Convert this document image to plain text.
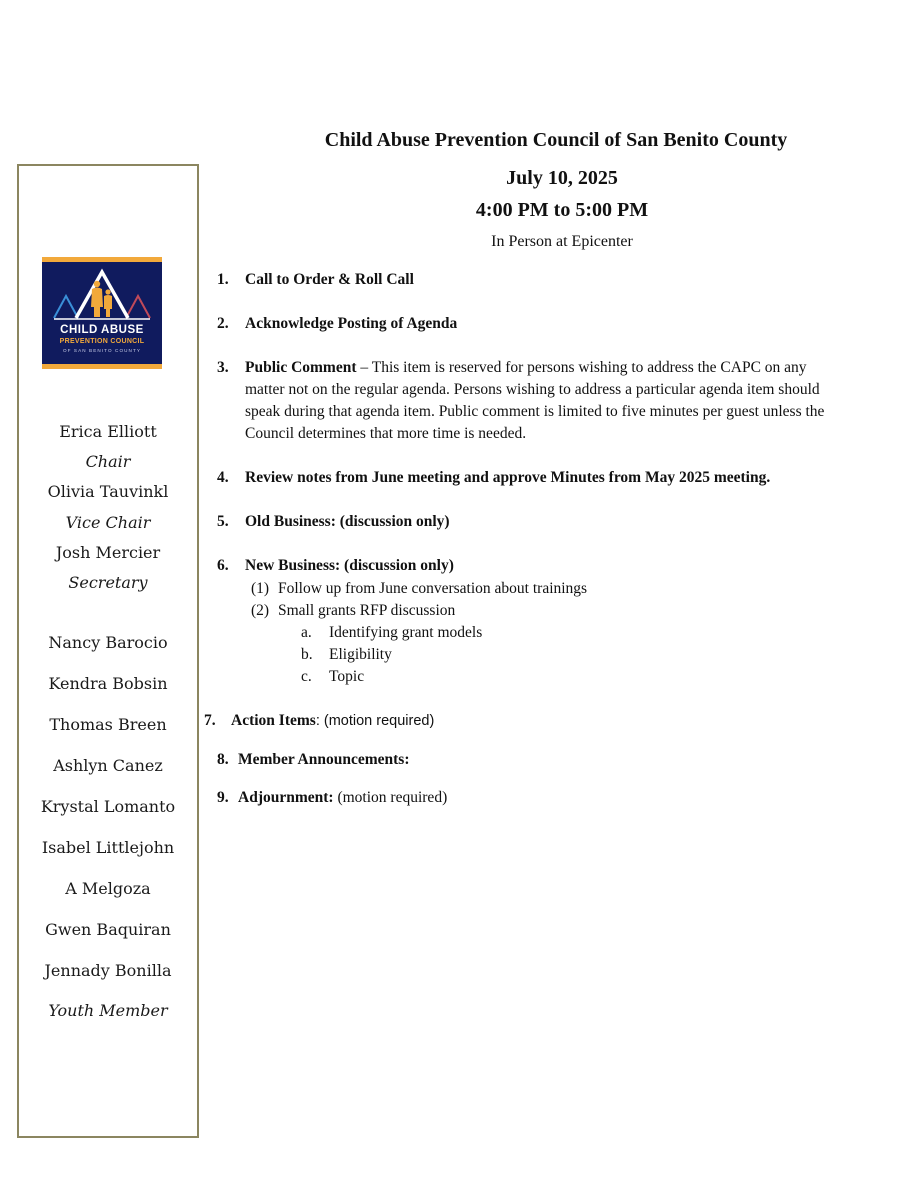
CHILD ABUSE
PREVENTION COUNCIL
OF SAN BENITO COUNTY
Erica Elliott
Chair
Olivia Tauvinkl
Vice Chair
Josh Mercier
Secretary
Nancy Barocio
Kendra Bobsin
Thomas Breen
Ashlyn Canez
Krystal Lomanto
Isabel Littlejohn
A Melgoza
Gwen Baquiran
Jennady Bonilla
Youth Member
Child Abuse Prevention Council of San Benito County
July 10, 2025
4:00 PM to 5:00 PM
In Person at Epicenter
1. Call to Order & Roll Call
2. Acknowledge Posting of Agenda
3. Public Comment – This item is reserved for persons wishing to address the CAPC on any
matter not on the regular agenda. Persons wishing to address a particular agenda item should
speak during that agenda item. Public comment is limited to five minutes per guest unless the
Council determines that more time is needed.
4. Review notes from June meeting and approve Minutes from May 2025 meeting.
5. Old Business: (discussion only)
6. New Business: (discussion only)
(1) Follow up from June conversation about trainings
(2) Small grants RFP discussion
a. Identifying grant models
b. Eligibility
c. Topic
7. Action Items: (motion required)
8. Member Announcements:
9. Adjournment: (motion required)
